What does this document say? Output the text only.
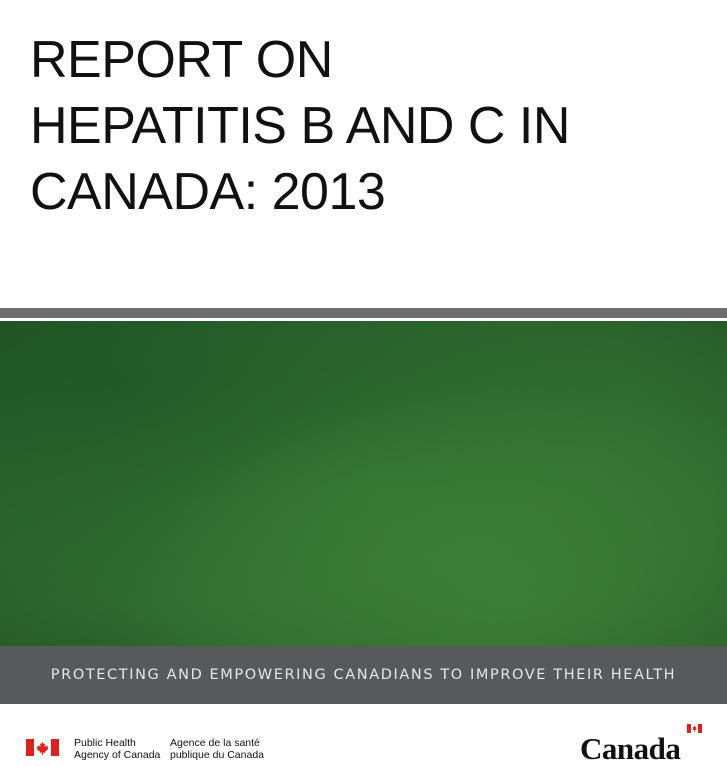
REPORT ON
HEPATITIS B AND C IN
CANADA: 2013
PROTECTING AND EMPOWERING CANADIANS TO IMPROVE THEIR HEALTH
Public Health
Agency of Canada
Agence de la santé
publique du Canada	Canada
